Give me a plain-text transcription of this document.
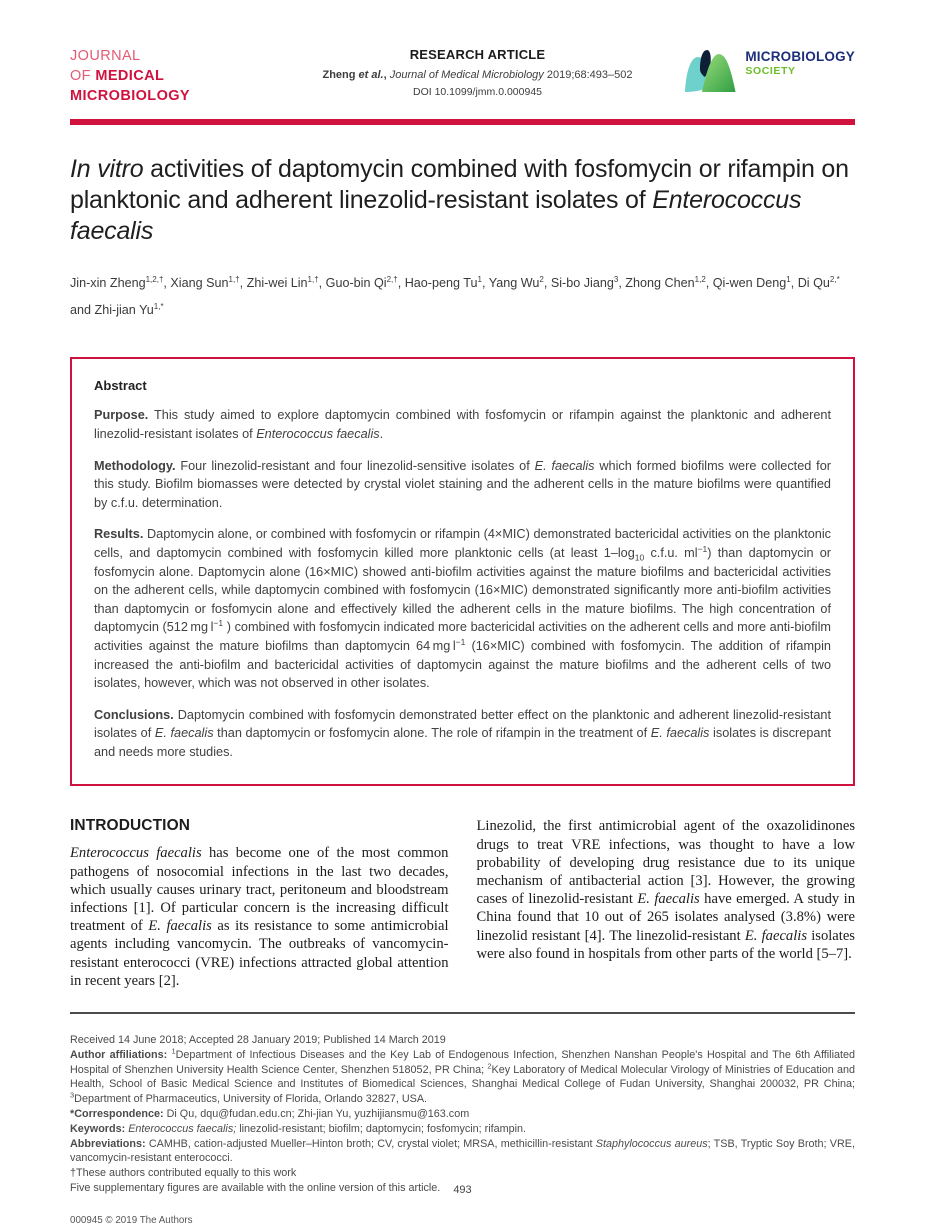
JOURNAL
OF MEDICAL
MICROBIOLOGY
RESEARCH ARTICLE
Zheng et al., Journal of Medical Microbiology 2019;68:493–502
DOI 10.1099/jmm.0.000945
MICROBIOLOGY
SOCIETY
In vitro activities of daptomycin combined with fosfomycin or rifampin on planktonic and adherent linezolid-resistant isolates of Enterococcus faecalis
Jin-xin Zheng$^{1,2,\dagger}$, Xiang Sun$^{1,\dagger}$, Zhi-wei Lin$^{1,\dagger}$, Guo-bin $Qi^{2,\dagger}$, Hao-peng Tu$^1$, Yang Wu$^2$, Si-bo Jiang$^3$, Zhong Chen$^{1,2}$, Qi-wen Deng$^1$, Di $Qu^{2,*}$ and Zhi-jian $Yu^{1,*}$
Abstract

Purpose. This study aimed to explore daptomycin combined with fosfomycin or rifampin against the planktonic and adherent linezolid-resistant isolates of Enterococcus faecalis.

Methodology. Four linezolid-resistant and four linezolid-sensitive isolates of E. faecalis which formed biofilms were collected for this study. Biofilm biomasses were detected by crystal violet staining and the adherent cells in the mature biofilms were quantified by c.f.u. determination.

Results. Daptomycin alone, or combined with fosfomycin or rifampin (4×MIC) demonstrated bactericidal activities on the planktonic cells, and daptomycin combined with fosfomycin killed more planktonic cells (at least $1-\log_{10}$ c.f.u. $ml^{-1}$) than daptomycin or fosfomycin alone. Daptomycin alone (16×MIC) showed anti-biofilm activities against the mature biofilms and bactericidal activities on the adherent cells, while daptomycin combined with fosfomycin (16×MIC) demonstrated significantly more anti-biofilm activities than daptomycin or fosfomycin alone and effectively killed the adherent cells in the mature biofilms. The high concentration of daptomycin (512 mg $l^{-1}$ ) combined with fosfomycin indicated more bactericidal activities on the adherent cells and more anti-biofilm activities against the mature biofilms than daptomycin 64 mg $l^{-1}$ (16×MIC) combined with fosfomycin. The addition of rifampin increased the anti-biofilm and bactericidal activities of daptomycin against the mature biofilms and the adherent cells of two isolates, however, which was not observed in other isolates.

Conclusions. Daptomycin combined with fosfomycin demonstrated better effect on the planktonic and adherent linezolid-resistant isolates of E. faecalis than daptomycin or fosfomycin alone. The role of rifampin in the treatment of E. faecalis isolates is discrepant and needs more studies.

INTRODUCTION

Enterococcus faecalis has become one of the most common pathogens of nosocomial infections in the last two decades, which usually causes urinary tract, peritoneum and bloodstream infections [1]. Of particular concern is the increasing difficult treatment of E. faecalis as its resistance to some antimicrobial agents including vancomycin. The outbreaks of vancomycin-resistant enterococci (VRE) infections attracted global attention in recent years [2].

Linezolid, the first antimicrobial agent of the oxazolidinones drugs to treat VRE infections, was thought to have a low probability of developing drug resistance due to its unique mechanism of antibacterial action [3]. However, the growing cases of linezolid-resistant E. faecalis have emerged. A study in China found that 10 out of 265 isolates analysed (3.8%) were linezolid resistant [4]. The linezolid-resistant E. faecalis isolates were also found in hospitals from other parts of the world [5–7].

Received 14 June 2018; Accepted 28 January 2019; Published 14 March 2019

Author affiliations: $^1$Department of Infectious Diseases and the Key Lab of Endogenous Infection, Shenzhen Nanshan People's Hospital and The 6th Affiliated Hospital of Shenzhen University Health Science Center, Shenzhen 518052, PR China; $^2$Key Laboratory of Medical Molecular Virology of Ministries of Education and Health, School of Basic Medical Science and Institutes of Biomedical Sciences, Shanghai Medical College of Fudan University, Shanghai 200032, PR China; $^3$Department of Pharmaceutics, University of Florida, Orlando 32827, USA.

*Correspondence: Di Qu, dqu@fudan.edu.cn; Zhi-jian Yu, yuzhijiansmu@163.com

Keywords: Enterococcus faecalis; linezolid-resistant; biofilm; daptomycin; fosfomycin; rifampin.

Abbreviations: CAMHB, cation-adjusted Mueller–Hinton broth; CV, crystal violet; MRSA, methicillin-resistant Staphylococcus aureus; TSB, Tryptic Soy Broth; VRE, vancomycin-resistant enterococci.

†These authors contributed equally to this work

Five supplementary figures are available with the online version of this article.

000945 © 2019 The Authors
493
